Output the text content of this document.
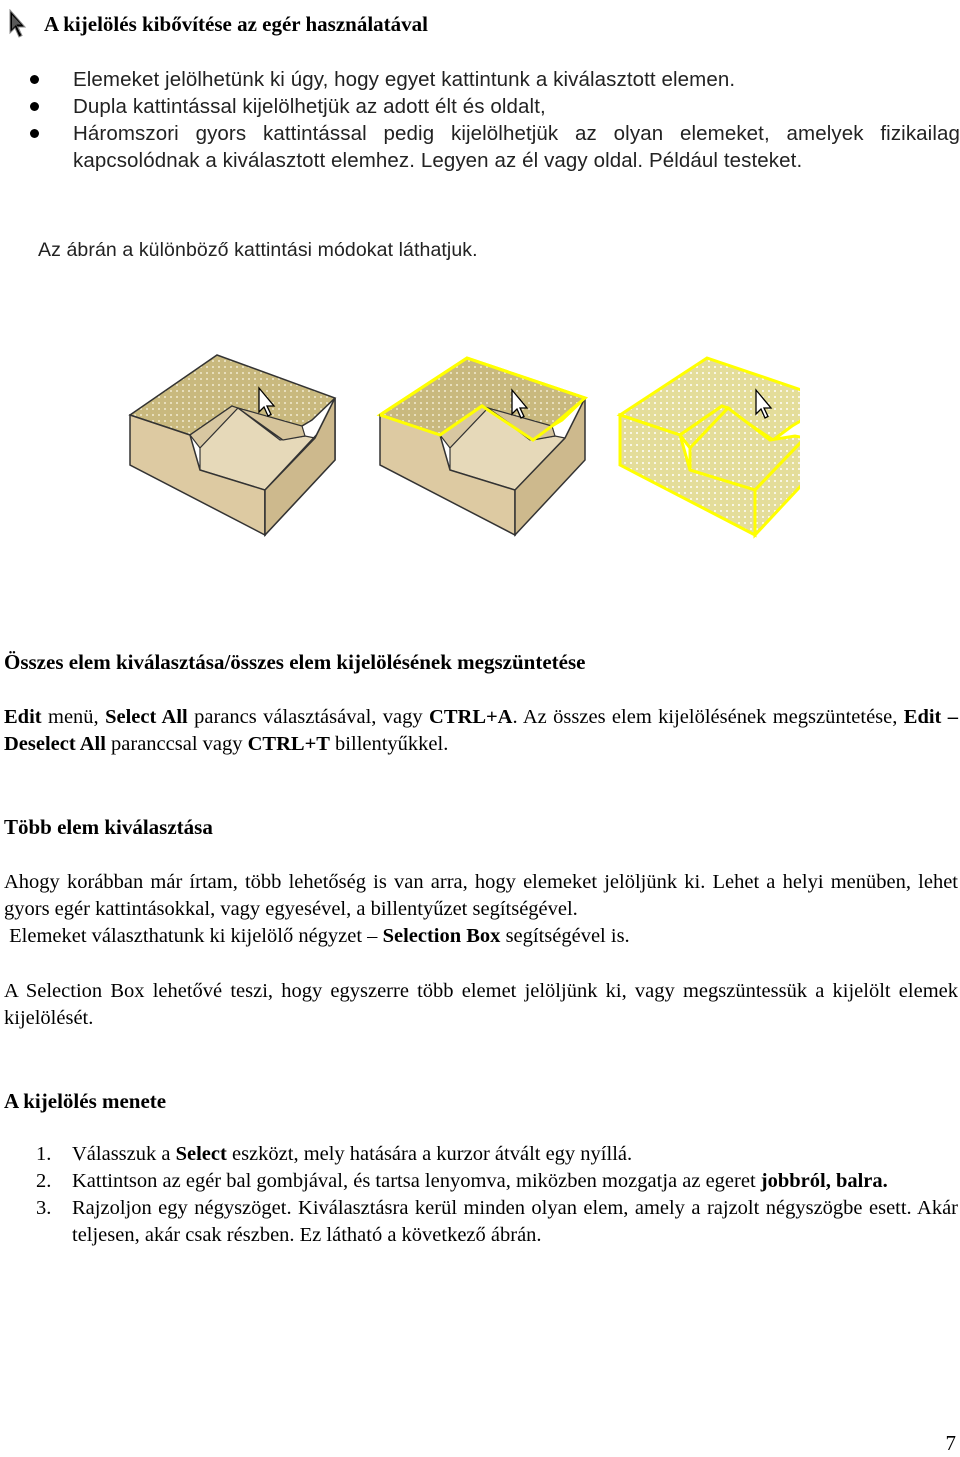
A kijelölés kibővítése az egér használatával
Elemeket jelölhetünk ki úgy, hogy egyet kattintunk a kiválasztott elemen.
Dupla kattintással kijelölhetjük az adott élt és oldalt,
Háromszori gyors kattintással pedig kijelölhetjük az olyan elemeket, amelyek fizikailag kapcsolódnak a kiválasztott elemhez. Legyen az él vagy oldal. Például testeket.
Az ábrán a különböző kattintási módokat láthatjuk.
Összes elem kiválasztása/összes elem kijelölésének megszüntetése
Edit menü, Select All parancs választásával, vagy CTRL+A. Az összes elem kijelölésének megszüntetése, Edit – Deselect All paranccsal vagy CTRL+T billentyűkkel.
Több elem kiválasztása
Ahogy korábban már írtam, több lehetőség is van arra, hogy elemeket jelöljünk ki. Lehet a helyi menüben, lehet gyors egér kattintásokkal, vagy egyesével, a billentyűzet segítségével.
Elemeket választhatunk ki kijelölő négyzet – Selection Box segítségével is.
A Selection Box lehetővé teszi, hogy egyszerre több elemet jelöljünk ki, vagy megszüntessük a kijelölt elemek kijelölését.
A kijelölés menete
1. Válasszuk a Select eszközt, mely hatására a kurzor átvált egy nyíllá.
2. Kattintson az egér bal gombjával, és tartsa lenyomva, miközben mozgatja az egeret jobbról, balra.
3. Rajzoljon egy négyszöget. Kiválasztásra kerül minden olyan elem, amely a rajzolt négyszögbe esett. Akár teljesen, akár csak részben. Ez látható a következő ábrán.
7
